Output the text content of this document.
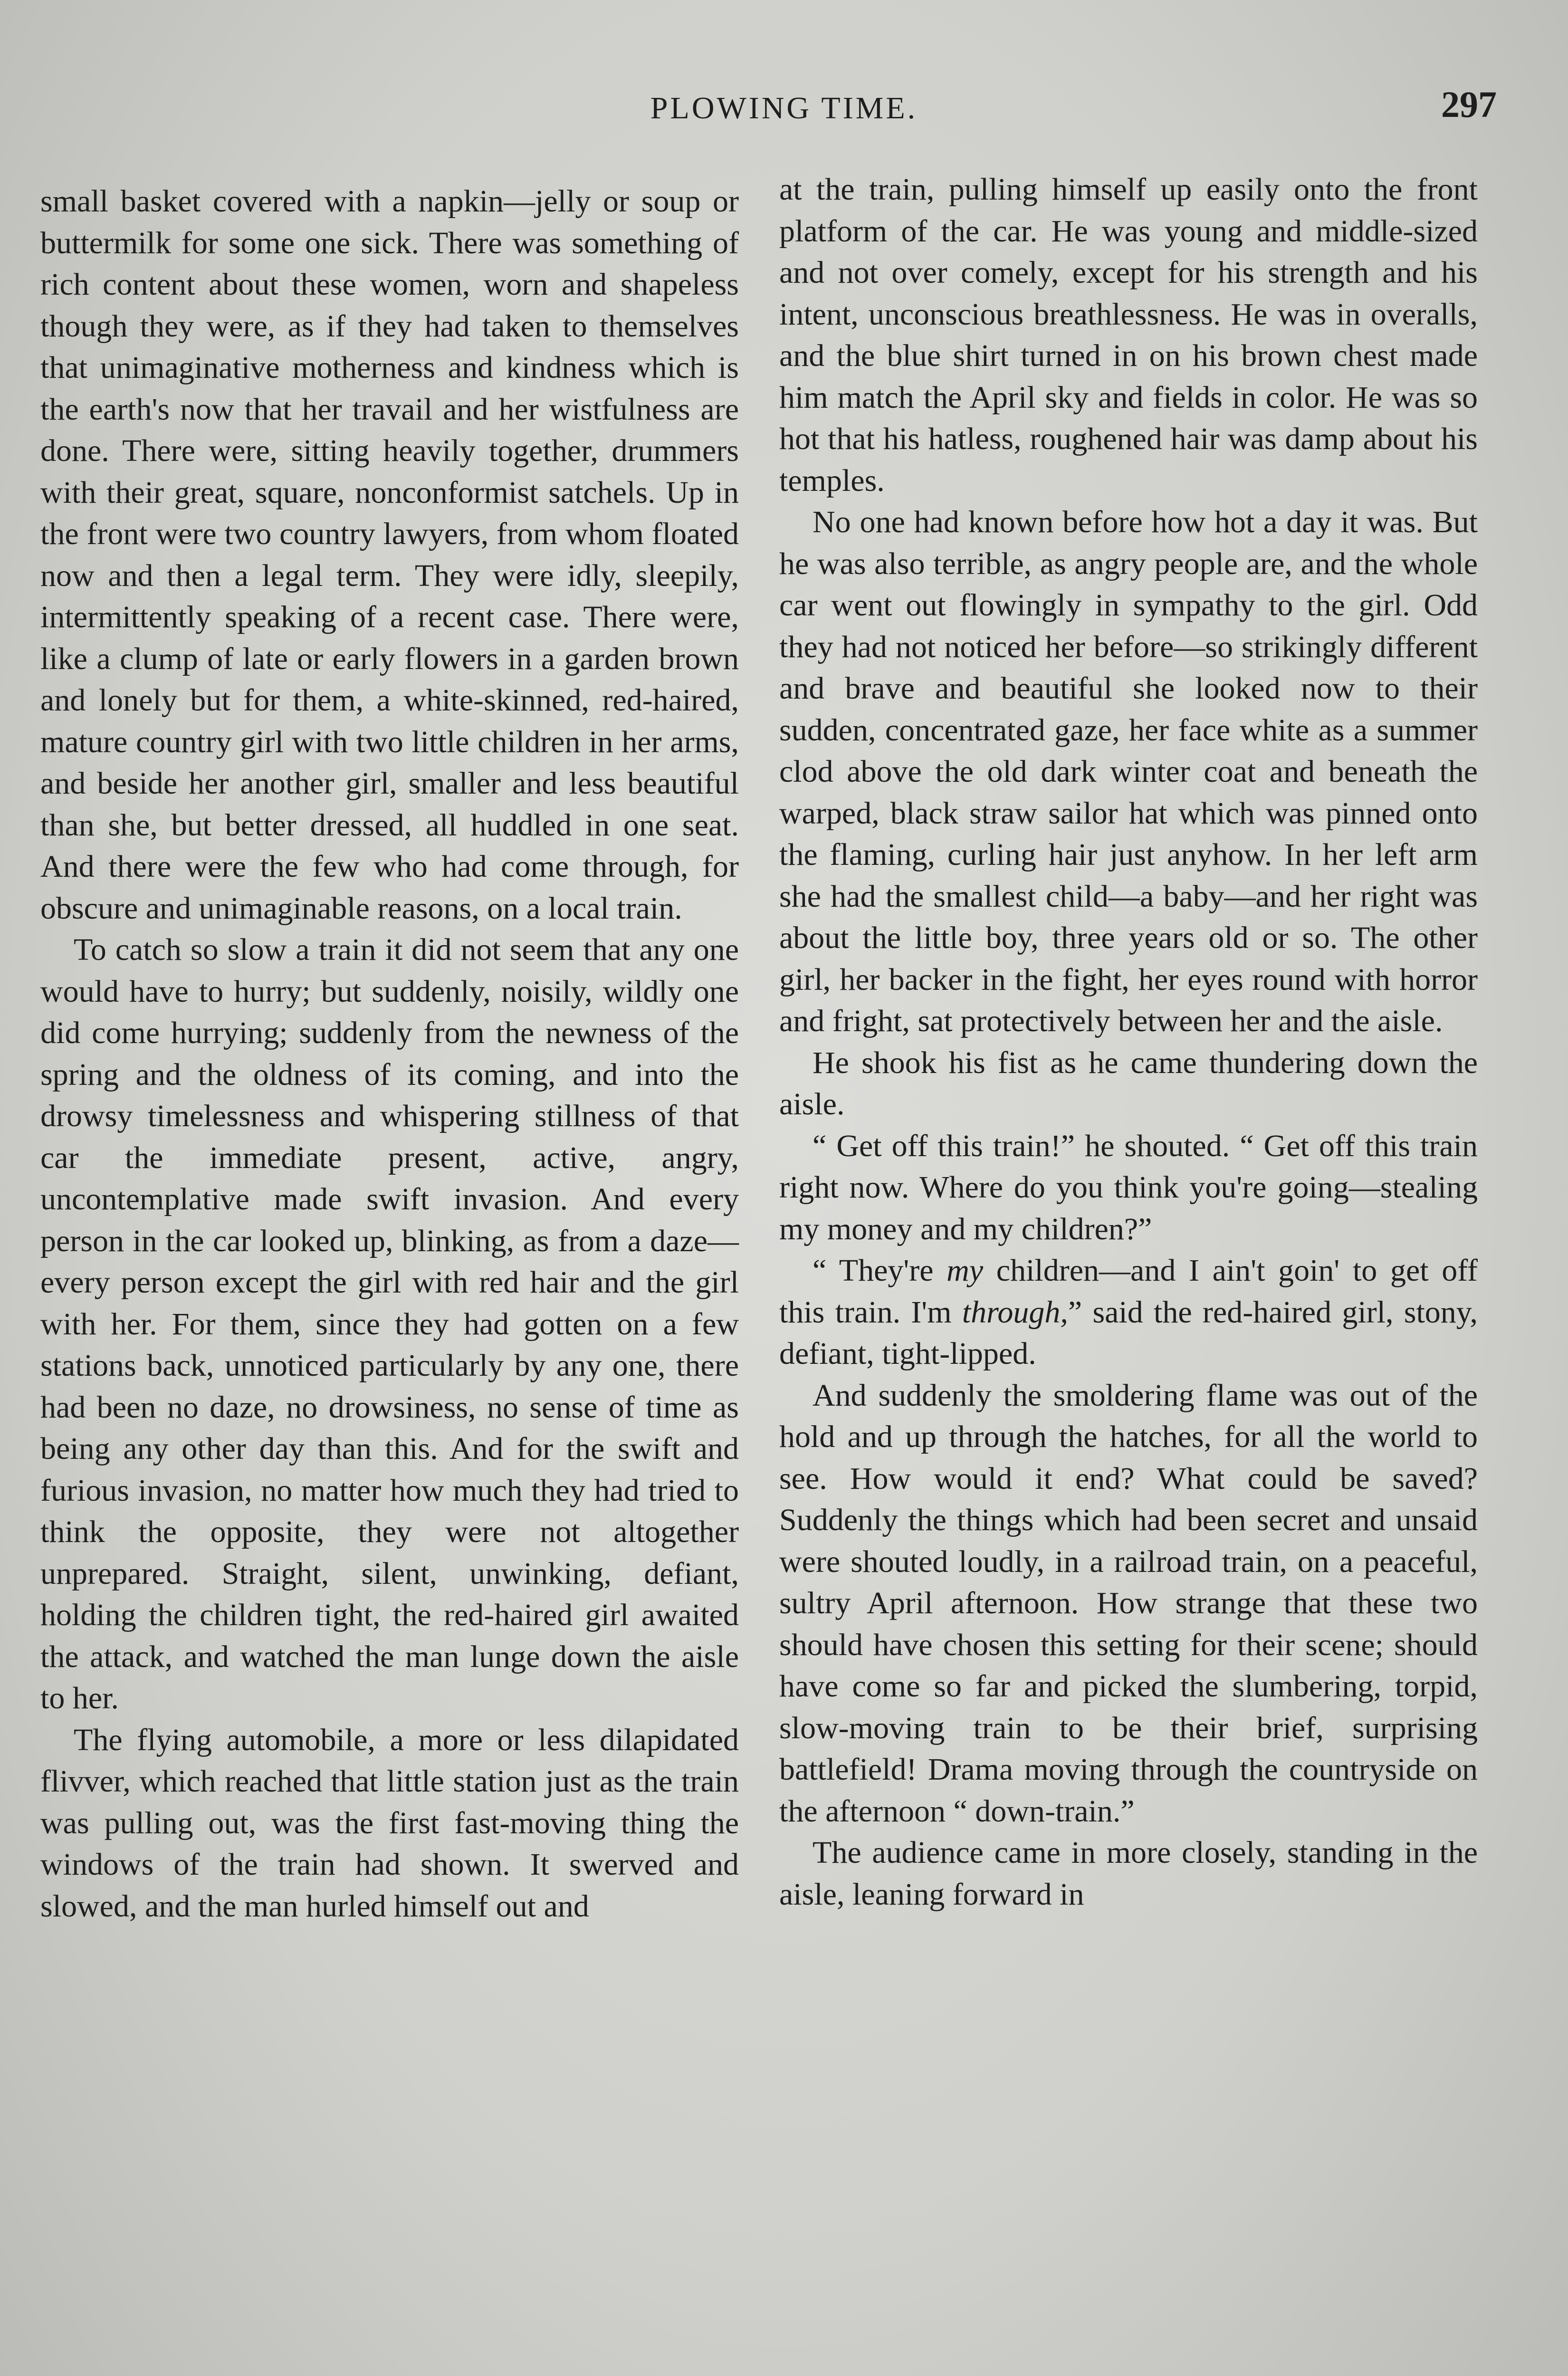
PLOWING TIME.	297

small basket covered with a napkin—jelly or soup or buttermilk for some one sick. There was something of rich content about these women, worn and shapeless though they were, as if they had taken to themselves that unimaginative motherness and kindness which is the earth's now that her travail and her wistfulness are done. There were, sitting heavily together, drummers with their great, square, nonconformist satchels. Up in the front were two country lawyers, from whom floated now and then a legal term. They were idly, sleepily, intermittently speaking of a recent case. There were, like a clump of late or early flowers in a garden brown and lonely but for them, a white-skinned, red-haired, mature country girl with two little children in her arms, and beside her another girl, smaller and less beautiful than she, but better dressed, all huddled in one seat. And there were the few who had come through, for obscure and unimaginable reasons, on a local train.

To catch so slow a train it did not seem that any one would have to hurry; but suddenly, noisily, wildly one did come hurrying; suddenly from the newness of the spring and the oldness of its coming, and into the drowsy timelessness and whispering stillness of that car the immediate present, active, angry, uncontemplative made swift invasion. And every person in the car looked up, blinking, as from a daze—every person except the girl with red hair and the girl with her. For them, since they had gotten on a few stations back, unnoticed particularly by any one, there had been no daze, no drowsiness, no sense of time as being any other day than this. And for the swift and furious invasion, no matter how much they had tried to think the opposite, they were not altogether unprepared. Straight, silent, unwinking, defiant, holding the children tight, the red-haired girl awaited the attack, and watched the man lunge down the aisle to her.

The flying automobile, a more or less dilapidated flivver, which reached that little station just as the train was pulling out, was the first fast-moving thing the windows of the train had shown. It swerved and slowed, and the man hurled himself out and

at the train, pulling himself up easily onto the front platform of the car. He was young and middle-sized and not over comely, except for his strength and his intent, unconscious breathlessness. He was in overalls, and the blue shirt turned in on his brown chest made him match the April sky and fields in color. He was so hot that his hatless, roughened hair was damp about his temples.

No one had known before how hot a day it was. But he was also terrible, as angry people are, and the whole car went out flowingly in sympathy to the girl. Odd they had not noticed her before—so strikingly different and brave and beautiful she looked now to their sudden, concentrated gaze, her face white as a summer clod above the old dark winter coat and beneath the warped, black straw sailor hat which was pinned onto the flaming, curling hair just anyhow. In her left arm she had the smallest child—a baby—and her right was about the little boy, three years old or so. The other girl, her backer in the fight, her eyes round with horror and fright, sat protectively between her and the aisle.

He shook his fist as he came thundering down the aisle.

“ Get off this train!” he shouted. “ Get off this train right now. Where do you think you're going—stealing my money and my children?”

“ They're my children—and I ain't goin' to get off this train. I'm through,” said the red-haired girl, stony, defiant, tight-lipped.

And suddenly the smoldering flame was out of the hold and up through the hatches, for all the world to see. How would it end? What could be saved? Suddenly the things which had been secret and unsaid were shouted loudly, in a railroad train, on a peaceful, sultry April afternoon. How strange that these two should have chosen this setting for their scene; should have come so far and picked the slumbering, torpid, slow-moving train to be their brief, surprising battlefield! Drama moving through the countryside on the afternoon “ down-train.”

The audience came in more closely, standing in the aisle, leaning forward in
